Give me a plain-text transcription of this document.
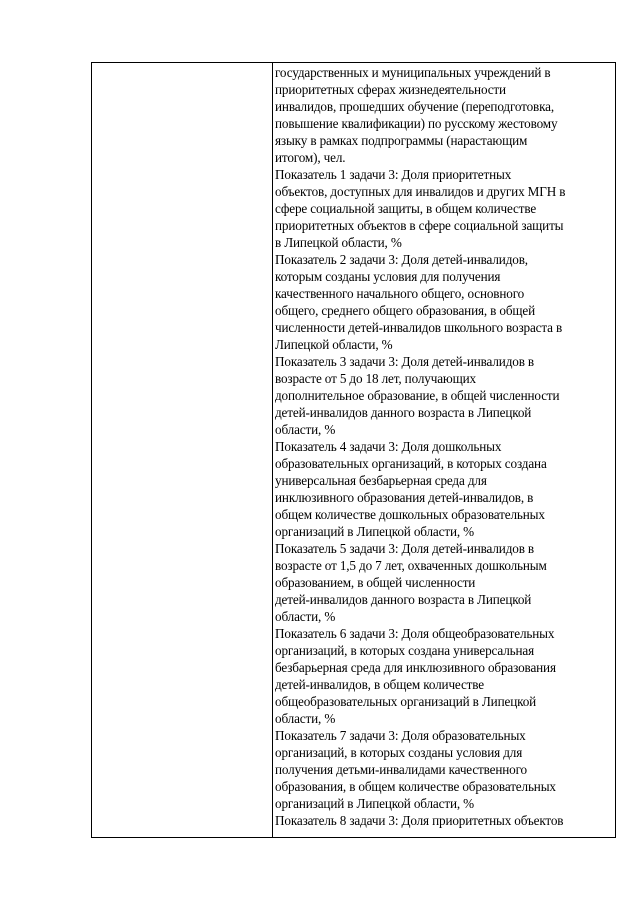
государственных и муниципальных учреждений в
приоритетных сферах жизнедеятельности
инвалидов, прошедших обучение (переподготовка,
повышение квалификации) по русскому жестовому
языку в рамках подпрограммы (нарастающим
итогом), чел.
Показатель 1 задачи 3: Доля приоритетных
объектов, доступных для инвалидов и других МГН в
сфере социальной защиты, в общем количестве
приоритетных объектов в сфере социальной защиты
в Липецкой области, %
Показатель 2 задачи 3: Доля детей-инвалидов,
которым созданы условия для получения
качественного начального общего, основного
общего, среднего общего образования, в общей
численности детей-инвалидов школьного возраста в
Липецкой области, %
Показатель 3 задачи 3: Доля детей-инвалидов в
возрасте от 5 до 18 лет, получающих
дополнительное образование, в общей численности
детей-инвалидов данного возраста в Липецкой
области, %
Показатель 4 задачи 3: Доля дошкольных
образовательных организаций, в которых создана
универсальная безбарьерная среда для
инклюзивного образования детей-инвалидов, в
общем количестве дошкольных образовательных
организаций в Липецкой области, %
Показатель 5 задачи 3: Доля детей-инвалидов в
возрасте от 1,5 до 7 лет, охваченных дошкольным
образованием, в общей численности
детей-инвалидов данного возраста в Липецкой
области, %
Показатель 6 задачи 3: Доля общеобразовательных
организаций, в которых создана универсальная
безбарьерная среда для инклюзивного образования
детей-инвалидов, в общем количестве
общеобразовательных организаций в Липецкой
области, %
Показатель 7 задачи 3: Доля образовательных
организаций, в которых созданы условия для
получения детьми-инвалидами качественного
образования, в общем количестве образовательных
организаций в Липецкой области, %
Показатель 8 задачи 3: Доля приоритетных объектов
